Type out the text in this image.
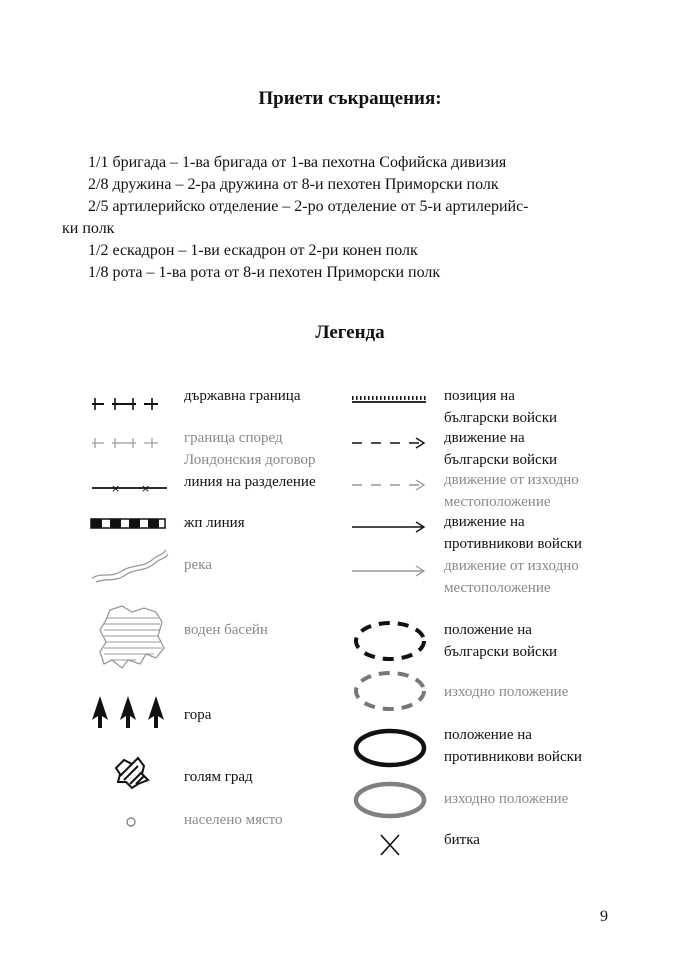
Приети съкращения:
1/1 бригада – 1-ва бригада от 1-ва пехотна Софийска дивизия
2/8 дружина – 2-ра дружина от 8-и пехотен Приморски полк
2/5 артилерийско отделение – 2-ро отделение от 5-и артилерийс-
ки полк
1/2 ескадрон – 1-ви ескадрон от 2-ри конен полк
1/8 рота – 1-ва рота от 8-и пехотен Приморски полк
Легенда
държавна граница
граница според
Лондонския договор
× × линия на разделение
жп линия
река
воден басейн
гора
голям град
населено място
позиция на
български войски
движение на
български войски
движение от изходно
местоположение
движение на
противникови войски
движение от изходно
местоположение
положение на
български войски
изходно положение
положение на
противникови войски
изходно положение
битка
9
